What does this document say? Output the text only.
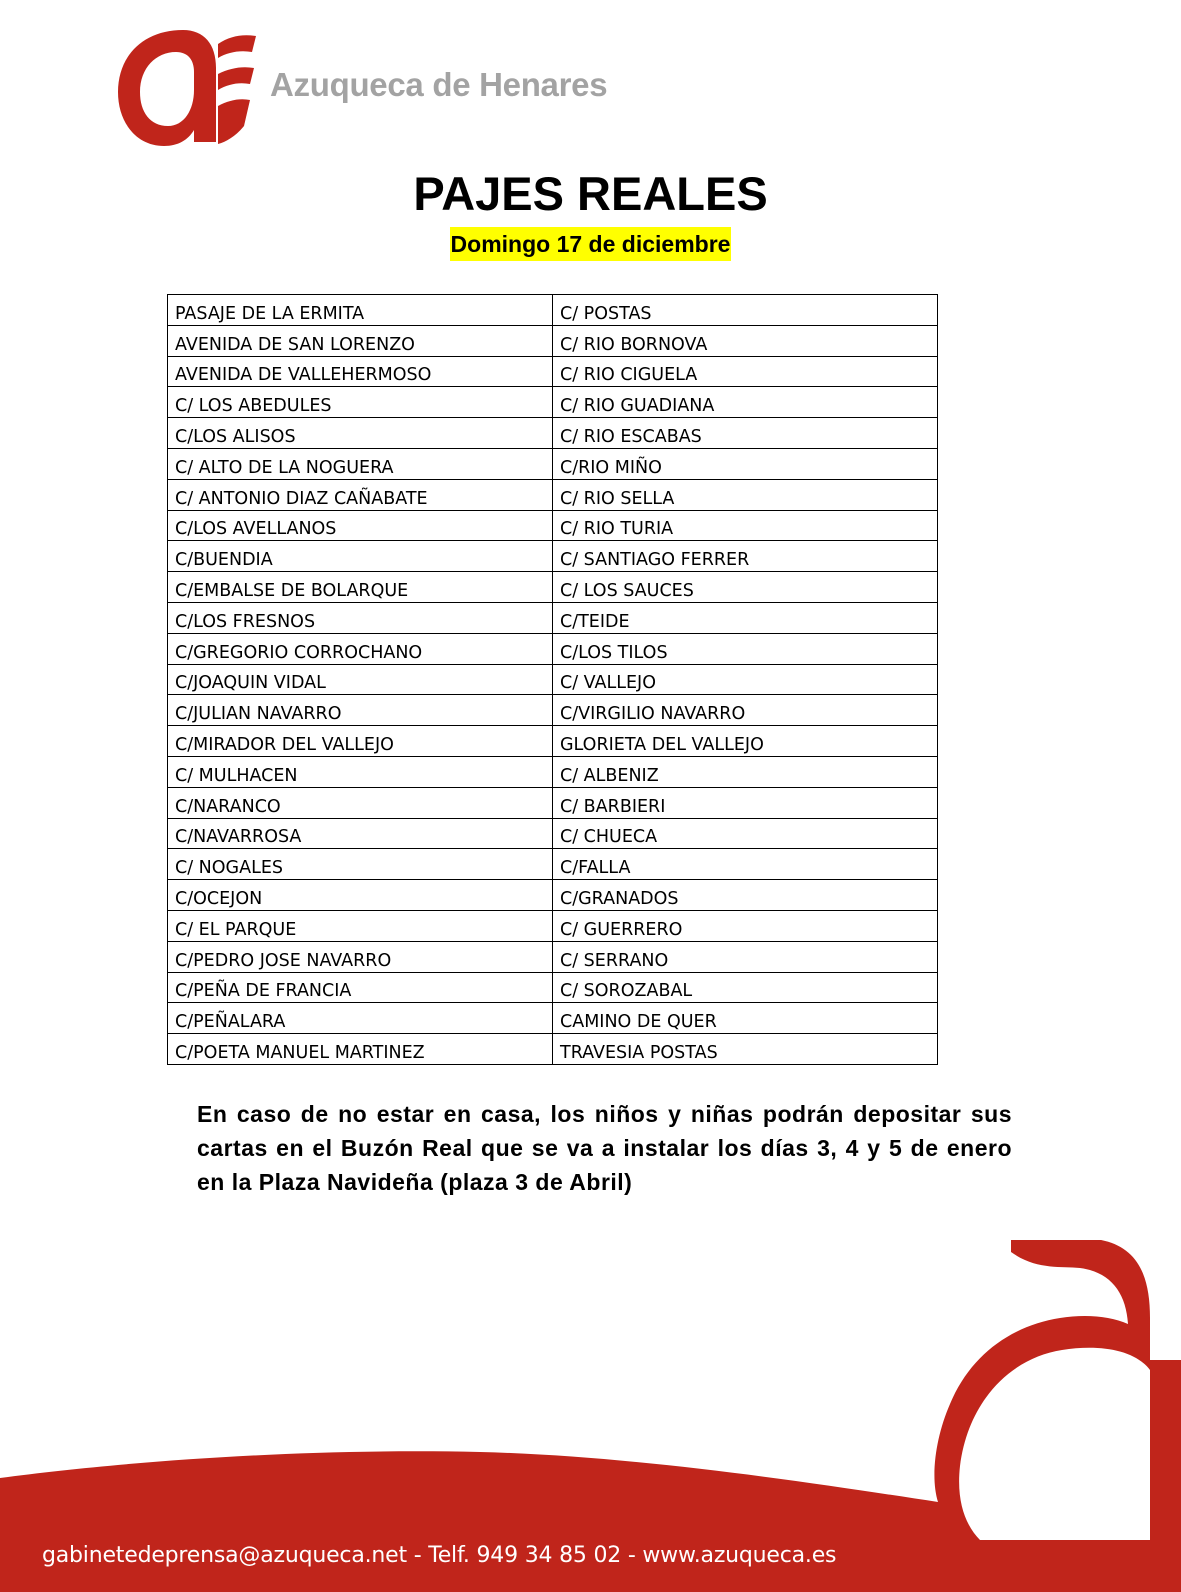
Azuqueca de Henares
PAJES REALES
Domingo 17 de diciembre
PASAJE DE LA ERMITA	C/ POSTAS
AVENIDA DE SAN LORENZO	C/ RIO BORNOVA
AVENIDA DE VALLEHERMOSO	C/ RIO CIGUELA
C/ LOS ABEDULES	C/ RIO GUADIANA
C/LOS ALISOS	C/ RIO ESCABAS
C/ ALTO DE LA NOGUERA	C/RIO MIÑO
C/ ANTONIO DIAZ CAÑABATE	C/ RIO SELLA
C/LOS AVELLANOS	C/ RIO TURIA
C/BUENDIA	C/ SANTIAGO FERRER
C/EMBALSE DE BOLARQUE	C/ LOS SAUCES
C/LOS FRESNOS	C/TEIDE
C/GREGORIO CORROCHANO	C/LOS TILOS
C/JOAQUIN VIDAL	C/ VALLEJO
C/JULIAN NAVARRO	C/VIRGILIO NAVARRO
C/MIRADOR DEL VALLEJO	GLORIETA DEL VALLEJO
C/ MULHACEN	C/ ALBENIZ
C/NARANCO	C/ BARBIERI
C/NAVARROSA	C/ CHUECA
C/ NOGALES	C/FALLA
C/OCEJON	C/GRANADOS
C/ EL PARQUE	C/ GUERRERO
C/PEDRO JOSE NAVARRO	C/ SERRANO
C/PEÑA DE FRANCIA	C/ SOROZABAL
C/PEÑALARA	CAMINO DE QUER
C/POETA MANUEL MARTINEZ	TRAVESIA POSTAS

En caso de no estar en casa, los niños y niñas podrán depositar sus cartas en el Buzón Real que se va a instalar los días 3, 4 y 5 de enero en la Plaza Navideña (plaza 3 de Abril)

gabinetedeprensa@azuqueca.net - Telf. 949 34 85 02 - www.azuqueca.es
